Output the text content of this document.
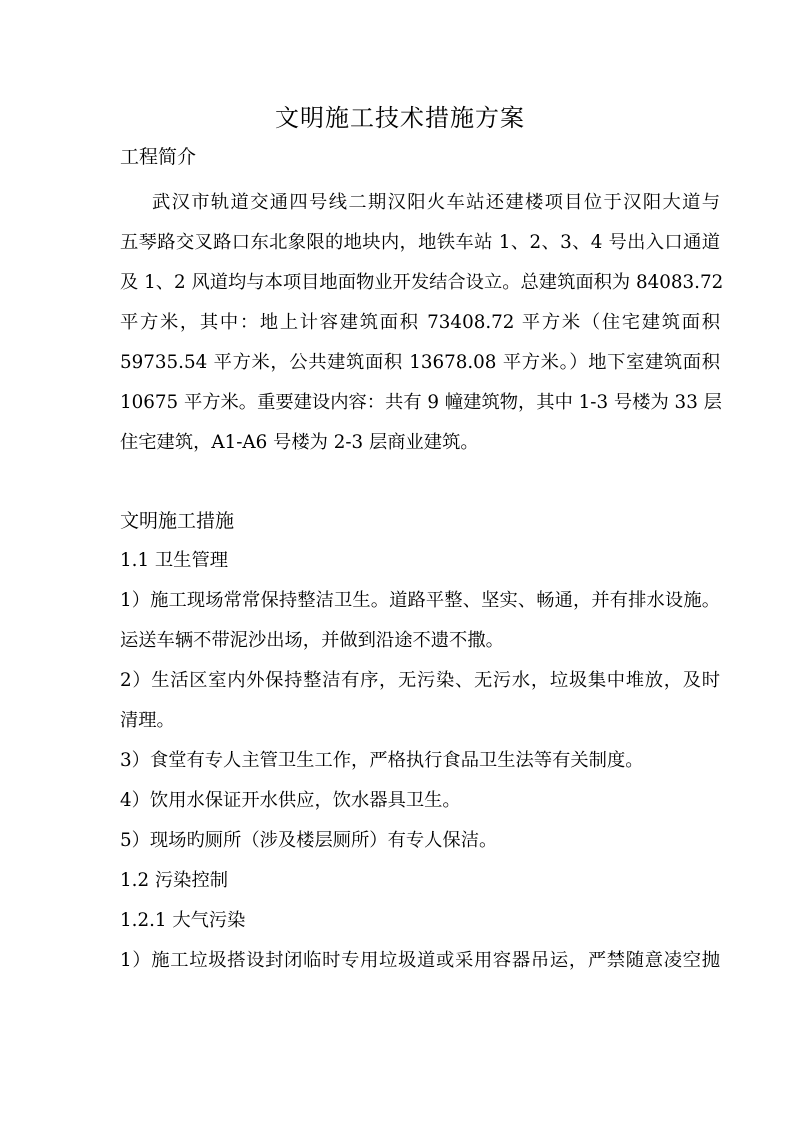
文明施工技术措施方案
工程简介
武汉市轨道交通四号线二期汉阳火车站还建楼项目位于汉阳大道与
五琴路交叉路口东北象限的地块内，地铁车站 1、2、3、4 号出入口通道
及 1、2 风道均与本项目地面物业开发结合设立。总建筑面积为 84083.72
平方米，其中：地上计容建筑面积 73408.72 平方米（住宅建筑面积
59735.54 平方米，公共建筑面积 13678.08 平方米。）地下室建筑面积
10675 平方米。重要建设内容：共有 9 幢建筑物，其中 1-3 号楼为 33 层
住宅建筑，A1-A6 号楼为 2-3 层商业建筑。
文明施工措施
1.1 卫生管理
1）施工现场常常保持整洁卫生。道路平整、坚实、畅通，并有排水设施。
运送车辆不带泥沙出场，并做到沿途不遗不撒。
2）生活区室内外保持整洁有序，无污染、无污水，垃圾集中堆放，及时
清理。
3）食堂有专人主管卫生工作，严格执行食品卫生法等有关制度。
4）饮用水保证开水供应，饮水器具卫生。
5）现场旳厕所（涉及楼层厕所）有专人保洁。
1.2 污染控制
1.2.1 大气污染
1）施工垃圾搭设封闭临时专用垃圾道或采用容器吊运，严禁随意凌空抛
